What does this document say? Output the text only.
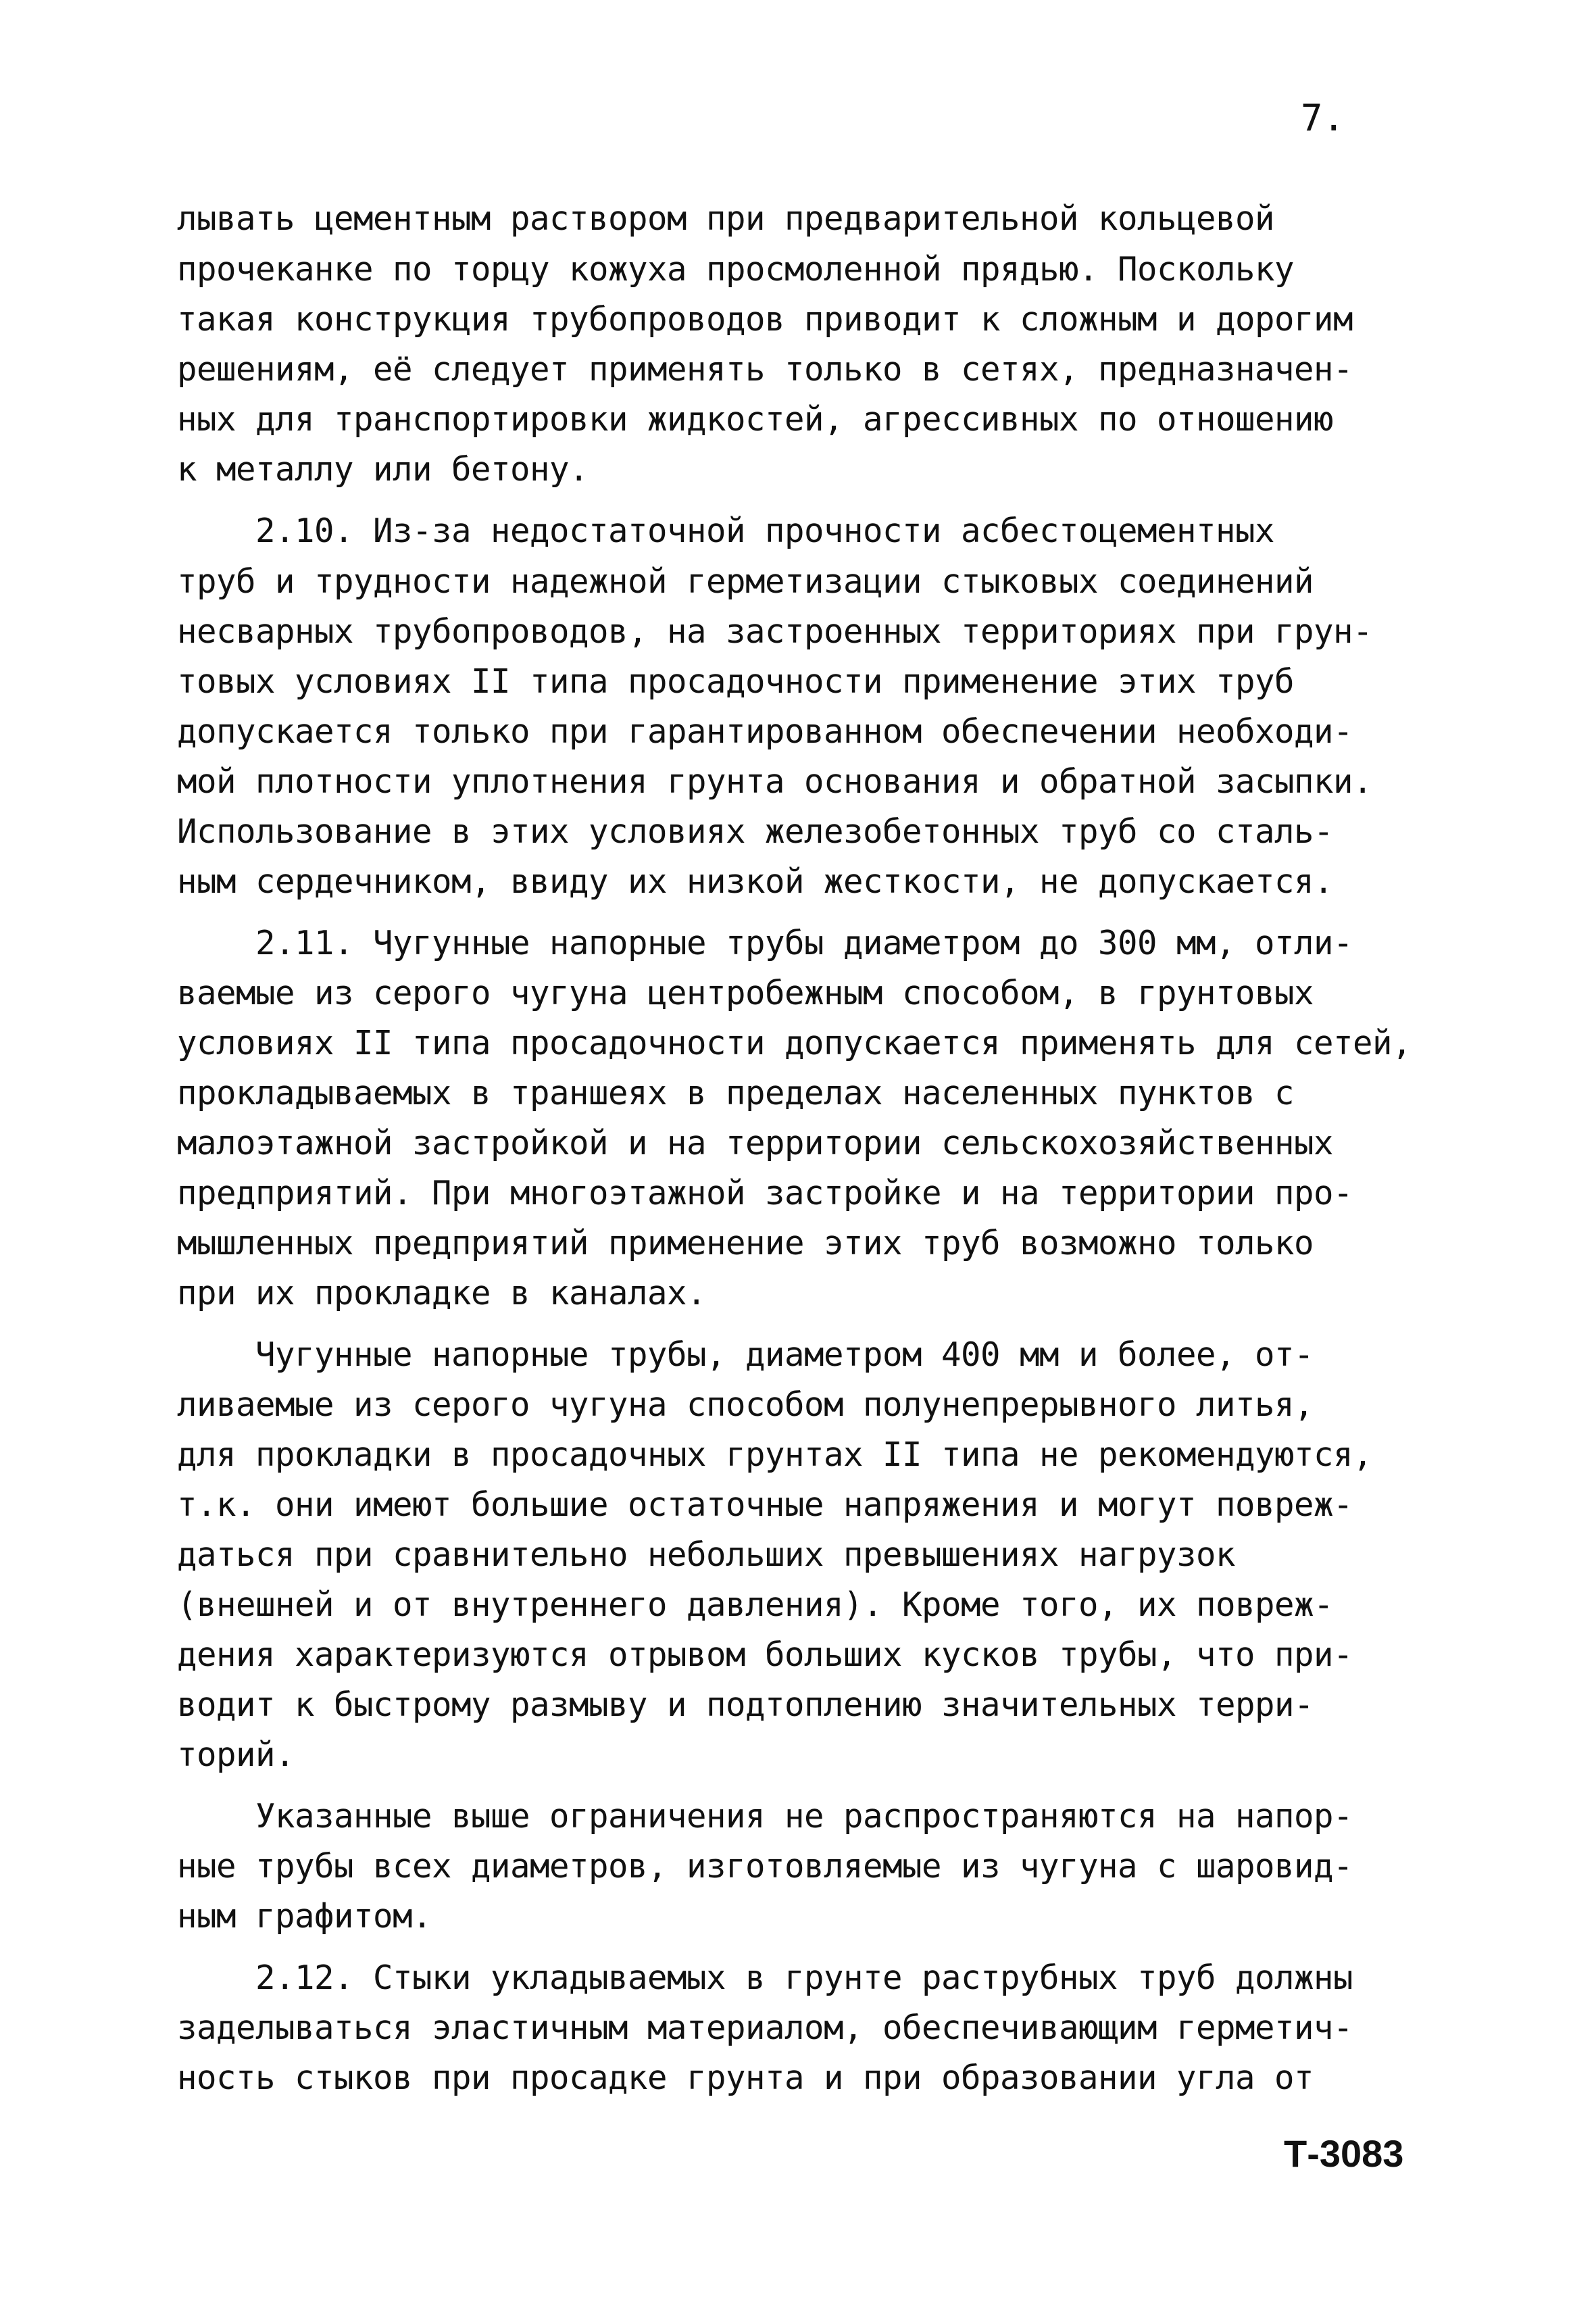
7.
лывать цементным раствором при предварительной кольцевой
прочеканке по торцу кожуха просмоленной прядью. Поскольку
такая конструкция трубопроводов приводит к сложным и дорогим
решениям, её следует применять только в сетях, предназначен-
ных для транспортировки жидкостей, агрессивных по отношению
к металлу или бетону.
2.10. Из-за недостаточной прочности асбестоцементных
труб и трудности надежной герметизации стыковых соединений
несварных трубопроводов, на застроенных территориях при грун-
товых условиях II типа просадочности применение этих труб
допускается только при гарантированном обеспечении необходи-
мой плотности уплотнения грунта основания и обратной засыпки.
Использование в этих условиях железобетонных труб со сталь-
ным сердечником, ввиду их низкой жесткости, не допускается.
2.11. Чугунные напорные трубы диаметром до 300 мм, отли-
ваемые из серого чугуна центробежным способом, в грунтовых
условиях II типа просадочности допускается применять для сетей,
прокладываемых в траншеях в пределах населенных пунктов с
малоэтажной застройкой и на территории сельскохозяйственных
предприятий. При многоэтажной застройке и на территории про-
мышленных предприятий применение этих труб возможно только
при их прокладке в каналах.
Чугунные напорные трубы, диаметром 400 мм и более, от-
ливаемые из серого чугуна способом полунепрерывного литья,
для прокладки в просадочных грунтах II типа не рекомендуются,
т.к. они имеют большие остаточные напряжения и могут повреж-
даться при сравнительно небольших превышениях нагрузок
(внешней и от внутреннего давления). Кроме того, их повреж-
дения характеризуются отрывом больших кусков трубы, что при-
водит к быстрому размыву и подтоплению значительных терри-
торий.
Указанные выше ограничения не распространяются на напор-
ные трубы всех диаметров, изготовляемые из чугуна с шаровид-
ным графитом.
2.12. Стыки укладываемых в грунте раструбных труб должны
заделываться эластичным материалом, обеспечивающим герметич-
ность стыков при просадке грунта и при образовании угла от
Т-3083
